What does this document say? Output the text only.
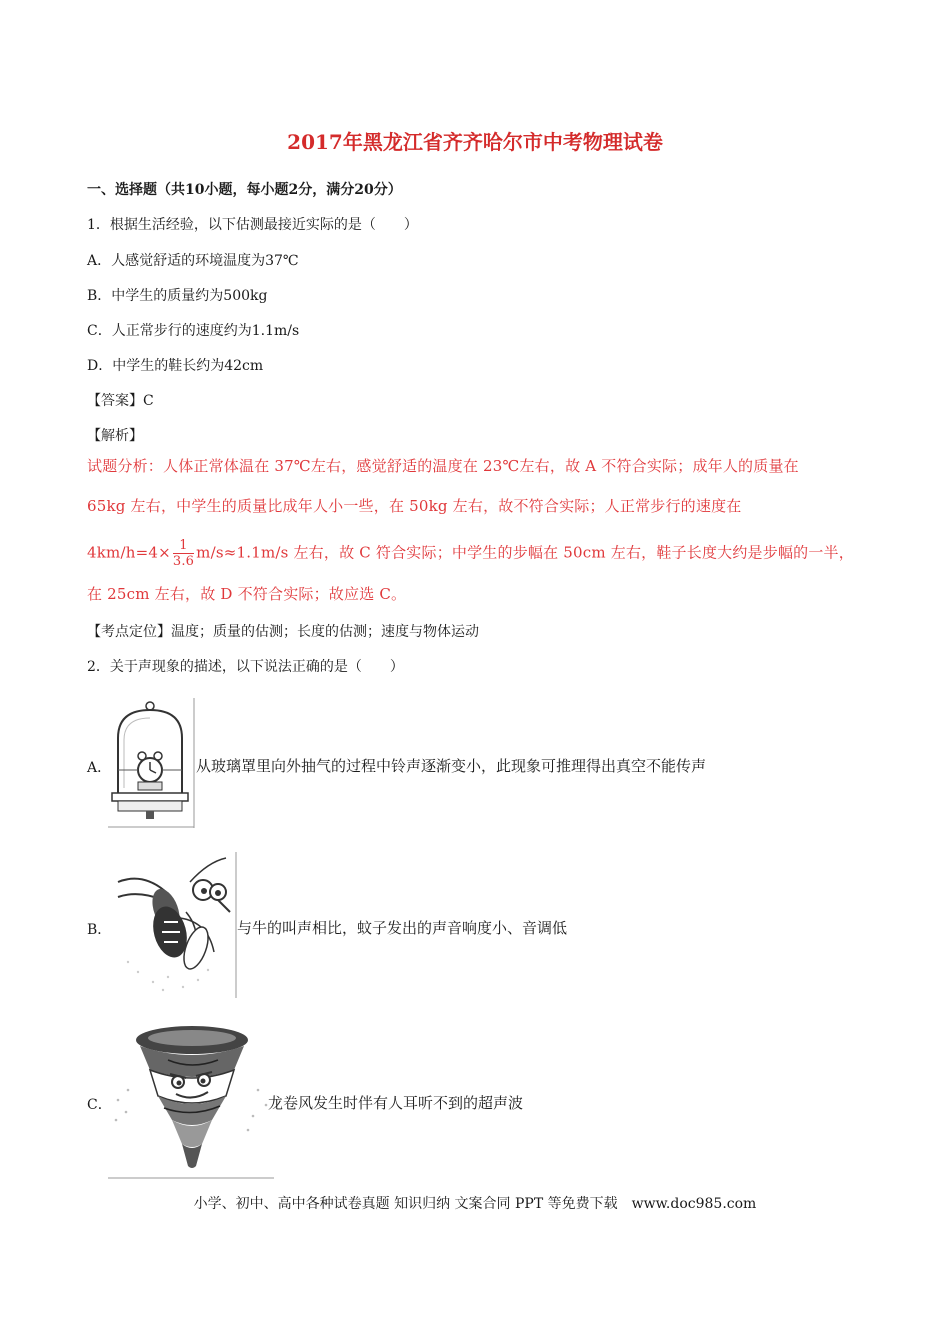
2017年黑龙江省齐齐哈尔市中考物理试卷
一、选择题（共10小题，每小题2分，满分20分）
1．根据生活经验，以下估测最接近实际的是（　　）
A．人感觉舒适的环境温度为37℃
B．中学生的质量约为500kg
C．人正常步行的速度约为1.1m/s
D．中学生的鞋长约为42cm
【答案】C
【解析】
试题分析：人体正常体温在 37℃左右，感觉舒适的温度在 23℃左右，故 A 不符合实际；成年人的质量在
65kg 左右，中学生的质量比成年人小一些，在 50kg 左右，故不符合实际；人正常步行的速度在
$4km/h=4\times \frac{1}{3.6} m/s\approx 1.1m/s$ 左右，故 C 符合实际；中学生的步幅在 50cm 左右，鞋子长度大约是步幅的一半，
在 25cm 左右，故 D 不符合实际；故应选 C。
【考点定位】温度；质量的估测；长度的估测；速度与物体运动
2．关于声现象的描述，以下说法正确的是（　　）
A．	从玻璃罩里向外抽气的过程中铃声逐渐变小，此现象可推理得出真空不能传声
B．	与牛的叫声相比，蚊子发出的声音响度小、音调低
C．	龙卷风发生时伴有人耳听不到的超声波
小学、初中、高中各种试卷真题 知识归纳 文案合同 PPT 等免费下载　www.doc985.com
